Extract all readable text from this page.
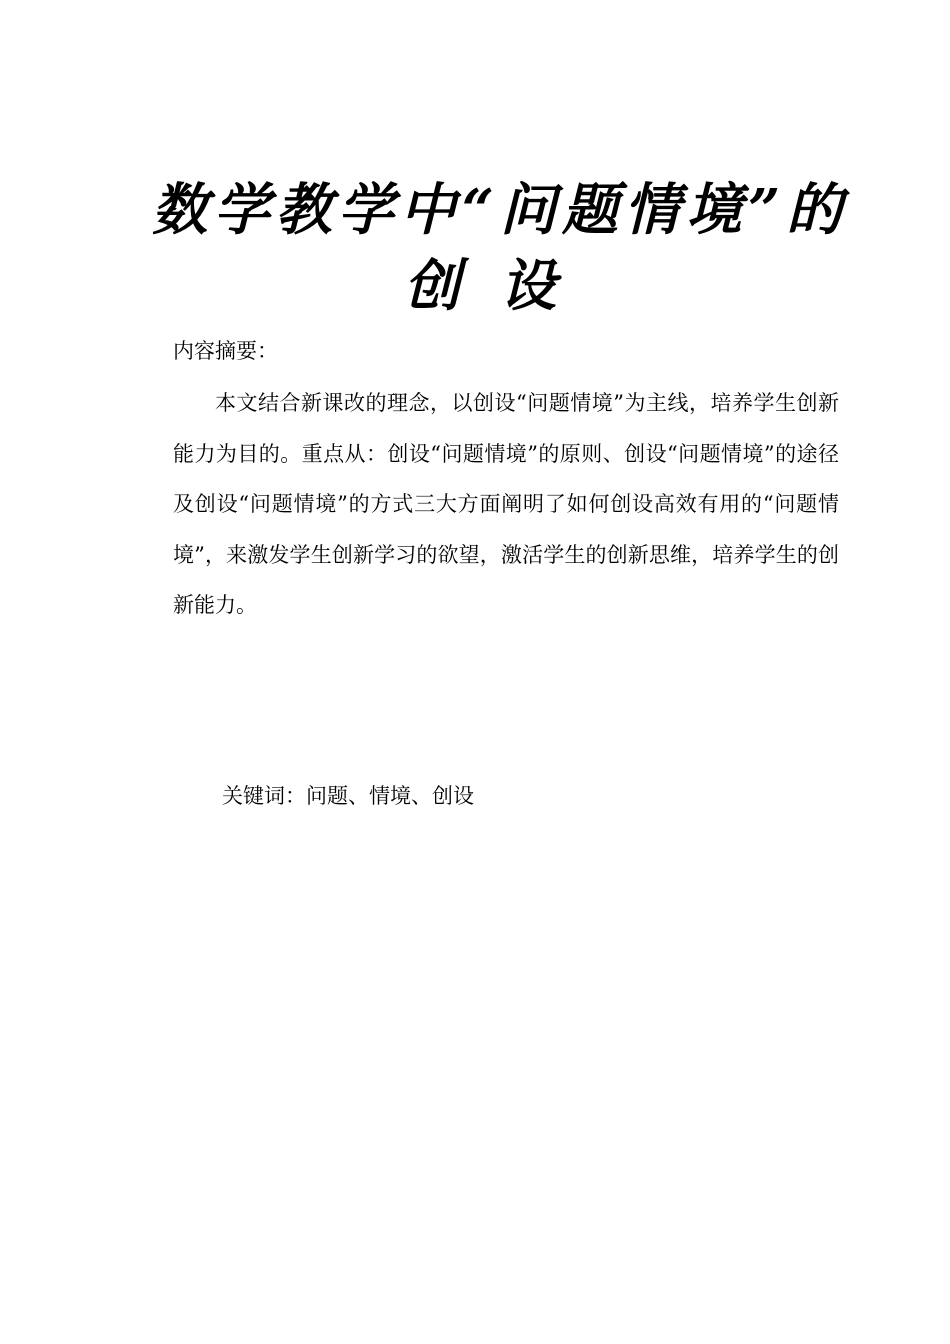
数学教学中“问题情境”的
创设
内容摘要：

本文结合新课改的理念，以创设“问题情境”为主线，培养学生创新能力为目的。重点从：创设“问题情境”的原则、创设“问题情境”的途径及创设“问题情境”的方式三大方面阐明了如何创设高效有用的“问题情境”，来激发学生创新学习的欲望，激活学生的创新思维，培养学生的创新能力。

关键词：问题、情境、创设
